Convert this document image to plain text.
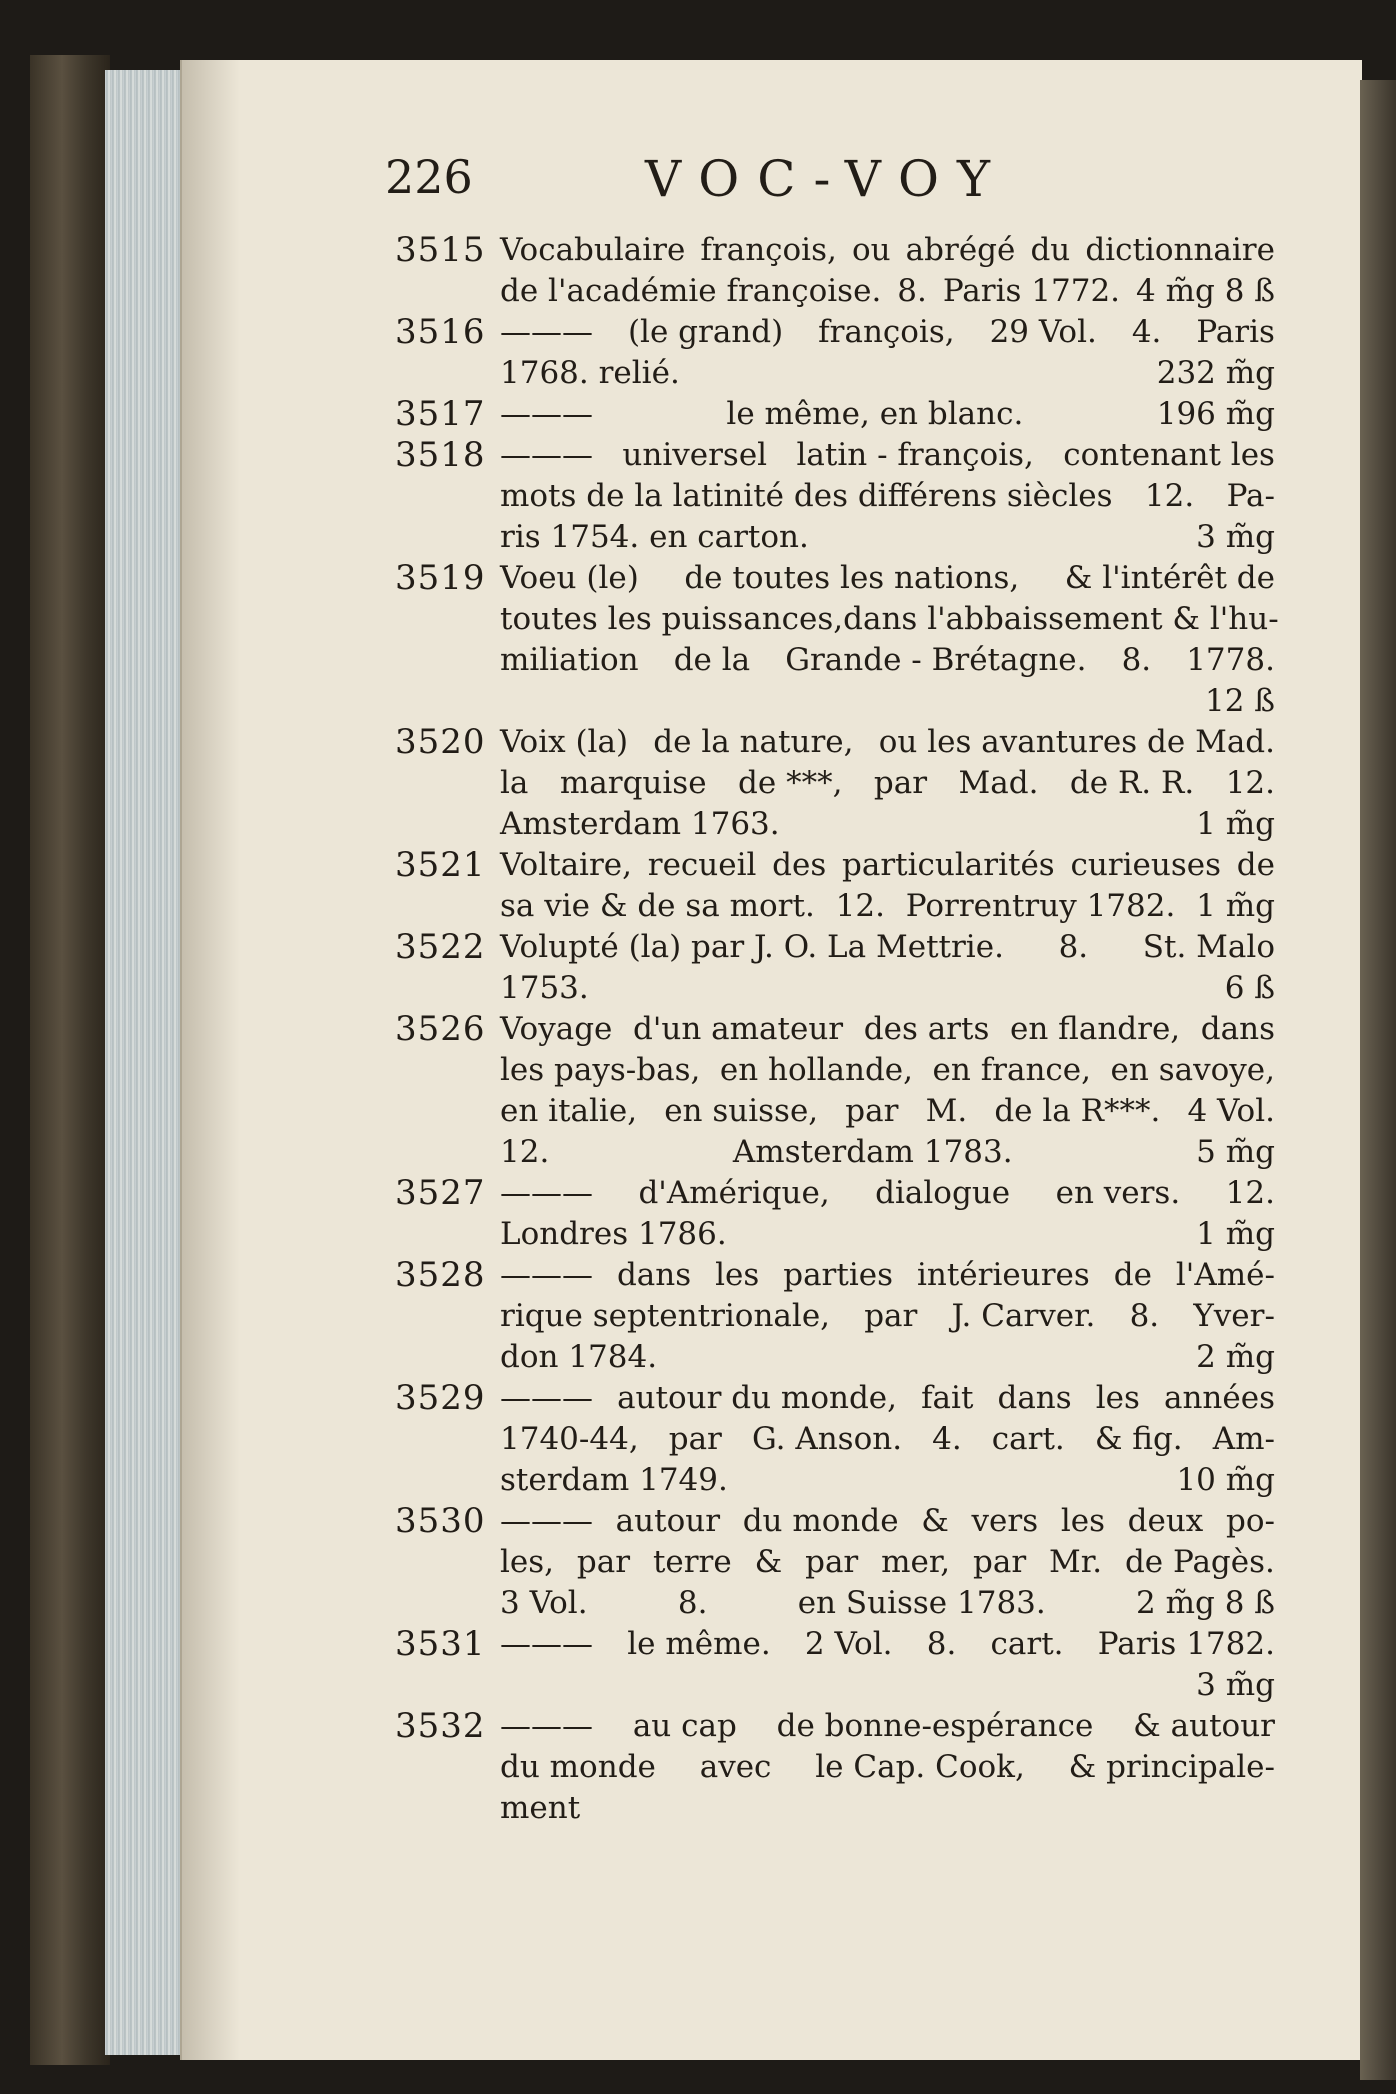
226	VOC-VOY
3515 Vocabulaire françois, ou abrégé du dictionnaire
de l'académie françoise. 8. Paris 1772. 4 m̃g 8 ß
3516 ——— (le grand) françois, 29 Vol. 4. Paris
1768. relié.	232 m̃g
3517 ———	le même, en blanc.	196 m̃g
3518 ——— universel latin - françois, contenant les
mots de la latinité des différens siècles 12. Pa-
ris 1754. en carton.	3 m̃g
3519 Voeu (le) de toutes les nations, & l'intérêt de
toutes les puissances, dans l'abbaissement & l'hu-
miliation de la Grande - Brétagne. 8. 1778.
12 ß
3520 Voix (la) de la nature, ou les avantures de Mad.
la marquise de ***, par Mad. de R. R. 12.
Amsterdam 1763.	1 m̃g
3521 Voltaire, recueil des particularités curieuses de
sa vie & de sa mort. 12. Porrentruy 1782. 1 m̃g
3522 Volupté (la) par J. O. La Mettrie. 8. St. Malo
1753.	6 ß
3526 Voyage d'un amateur des arts en flandre, dans
les pays-bas, en hollande, en france, en savoye,
en italie, en suisse, par M. de la R***. 4 Vol.
12.	Amsterdam 1783.	5 m̃g
3527 ——— d'Amérique, dialogue en vers. 12.
Londres 1786.	1 m̃g
3528 ——— dans les parties intérieures de l'Amé-
rique septentrionale, par J. Carver. 8. Yver-
don 1784.	2 m̃g
3529 ——— autour du monde, fait dans les années
1740-44, par G. Anson. 4. cart. & fig. Am-
sterdam 1749.	10 m̃g
3530 ——— autour du monde & vers les deux po-
les, par terre & par mer, par Mr. de Pagès.
3 Vol.	8.	en Suisse 1783.	2 m̃g 8 ß
3531 ——— le même. 2 Vol. 8. cart. Paris 1782.
3 m̃g
3532 ——— au cap de bonne-espérance & autour
du monde avec le Cap. Cook, & principale-
ment
